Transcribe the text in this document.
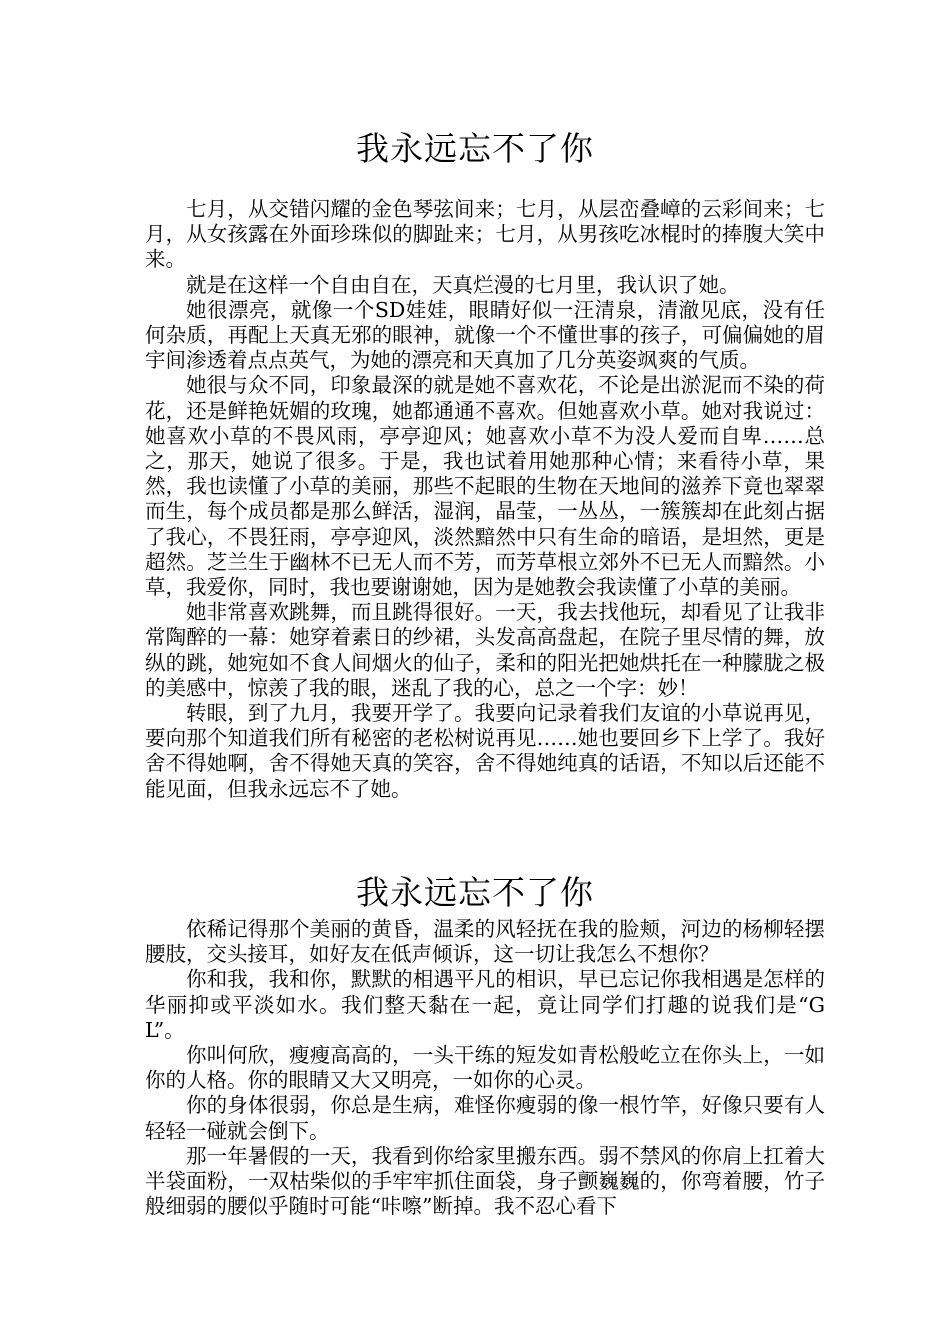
我永远忘不了你

七月，从交错闪耀的金色琴弦间来；七月，从层峦叠嶂的云彩间来；七月，从女孩露在外面珍珠似的脚趾来；七月，从男孩吃冰棍时的捧腹大笑中来。

就是在这样一个自由自在，天真烂漫的七月里，我认识了她。

她很漂亮，就像一个SD娃娃，眼睛好似一汪清泉，清澈见底，没有任何杂质，再配上天真无邪的眼神，就像一个不懂世事的孩子，可偏偏她的眉宇间渗透着点点英气，为她的漂亮和天真加了几分英姿飒爽的气质。

她很与众不同，印象最深的就是她不喜欢花，不论是出淤泥而不染的荷花，还是鲜艳妩媚的玫瑰，她都通通不喜欢。但她喜欢小草。她对我说过：她喜欢小草的不畏风雨，亭亭迎风；她喜欢小草不为没人爱而自卑……总之，那天，她说了很多。于是，我也试着用她那种心情；来看待小草，果然，我也读懂了小草的美丽，那些不起眼的生物在天地间的滋养下竟也翠翠而生，每个成员都是那么鲜活，湿润，晶莹，一丛丛，一簇簇却在此刻占据了我心，不畏狂雨，亭亭迎风，淡然黯然中只有生命的暗语，是坦然，更是超然。芝兰生于幽林不已无人而不芳，而芳草根立郊外不已无人而黯然。小草，我爱你，同时，我也要谢谢她，因为是她教会我读懂了小草的美丽。

她非常喜欢跳舞，而且跳得很好。一天，我去找他玩，却看见了让我非常陶醉的一幕：她穿着素日的纱裙，头发高高盘起，在院子里尽情的舞，放纵的跳，她宛如不食人间烟火的仙子，柔和的阳光把她烘托在一种朦胧之极的美感中，惊羡了我的眼，迷乱了我的心，总之一个字：妙！

转眼，到了九月，我要开学了。我要向记录着我们友谊的小草说再见，要向那个知道我们所有秘密的老松树说再见……她也要回乡下上学了。我好舍不得她啊，舍不得她天真的笑容，舍不得她纯真的话语，不知以后还能不能见面，但我永远忘不了她。

我永远忘不了你

依稀记得那个美丽的黄昏，温柔的风轻抚在我的脸颊，河边的杨柳轻摆腰肢，交头接耳，如好友在低声倾诉，这一切让我怎么不想你？

你和我，我和你，默默的相遇平凡的相识，早已忘记你我相遇是怎样的华丽抑或平淡如水。我们整天黏在一起，竟让同学们打趣的说我们是“GL”。

你叫何欣，瘦瘦高高的，一头干练的短发如青松般屹立在你头上，一如你的人格。你的眼睛又大又明亮，一如你的心灵。

你的身体很弱，你总是生病，难怪你瘦弱的像一根竹竿，好像只要有人轻轻一碰就会倒下。

那一年暑假的一天，我看到你给家里搬东西。弱不禁风的你肩上扛着大半袋面粉，一双枯柴似的手牢牢抓住面袋，身子颤巍巍的，你弯着腰，竹子般细弱的腰似乎随时可能“咔嚓”断掉。我不忍心看下
